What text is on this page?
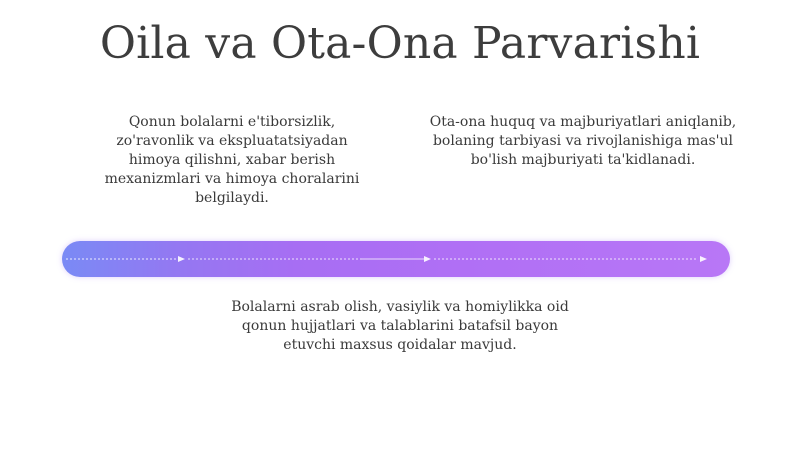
Oila va Ota-Ona Parvarishi
Qonun bolalarni e'tiborsizlik, zo'ravonlik va ekspluatatsiyadan himoya qilishni, xabar berish mexanizmlari va himoya choralarini belgilaydi.
Ota-ona huquq va majburiyatlari aniqlanib, bolaning tarbiyasi va rivojlanishiga mas'ul bo'lish majburiyati ta'kidlanadi.
Bolalarni asrab olish, vasiylik va homiylikka oid qonun hujjatlari va talablarini batafsil bayon etuvchi maxsus qoidalar mavjud.
